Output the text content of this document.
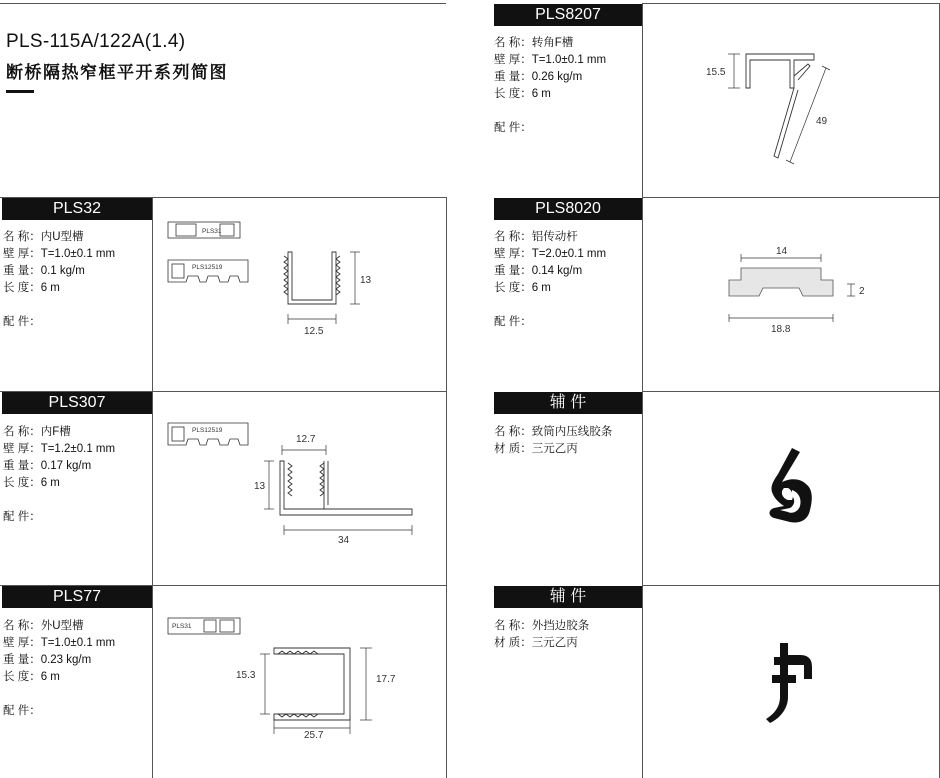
PLS-115A/122A(1.4)
断桥隔热窄框平开系列简图
PLS32
名 称：内U型槽
壁 厚：T=1.0±0.1 mm
重 量：0.1 kg/m
长 度：6 m
配 件：
PLS31
PLS12519
13
12.5
PLS307
名 称：内F槽
壁 厚：T=1.2±0.1 mm
重 量：0.17 kg/m
长 度：6 m
配 件：
PLS12519
12.7
13
34
PLS77
名 称：外U型槽
壁 厚：T=1.0±0.1 mm
重 量：0.23 kg/m
长 度：6 m
配 件：
PLS31
15.3	17.7
25.7
PLS8207
名 称：转角F槽
壁 厚：T=1.0±0.1 mm
重 量：0.26 kg/m
长 度：6 m
配 件：
15.5
49
PLS8020
名 称：铝传动杆
壁 厚：T=2.0±0.1 mm
重 量：0.14 kg/m
长 度：6 m
配 件：
14
2
18.8
辅 件
名 称：致筒内压线胶条
材 质：三元乙丙
辅 件
名 称：外挡边胶条
材 质：三元乙丙
